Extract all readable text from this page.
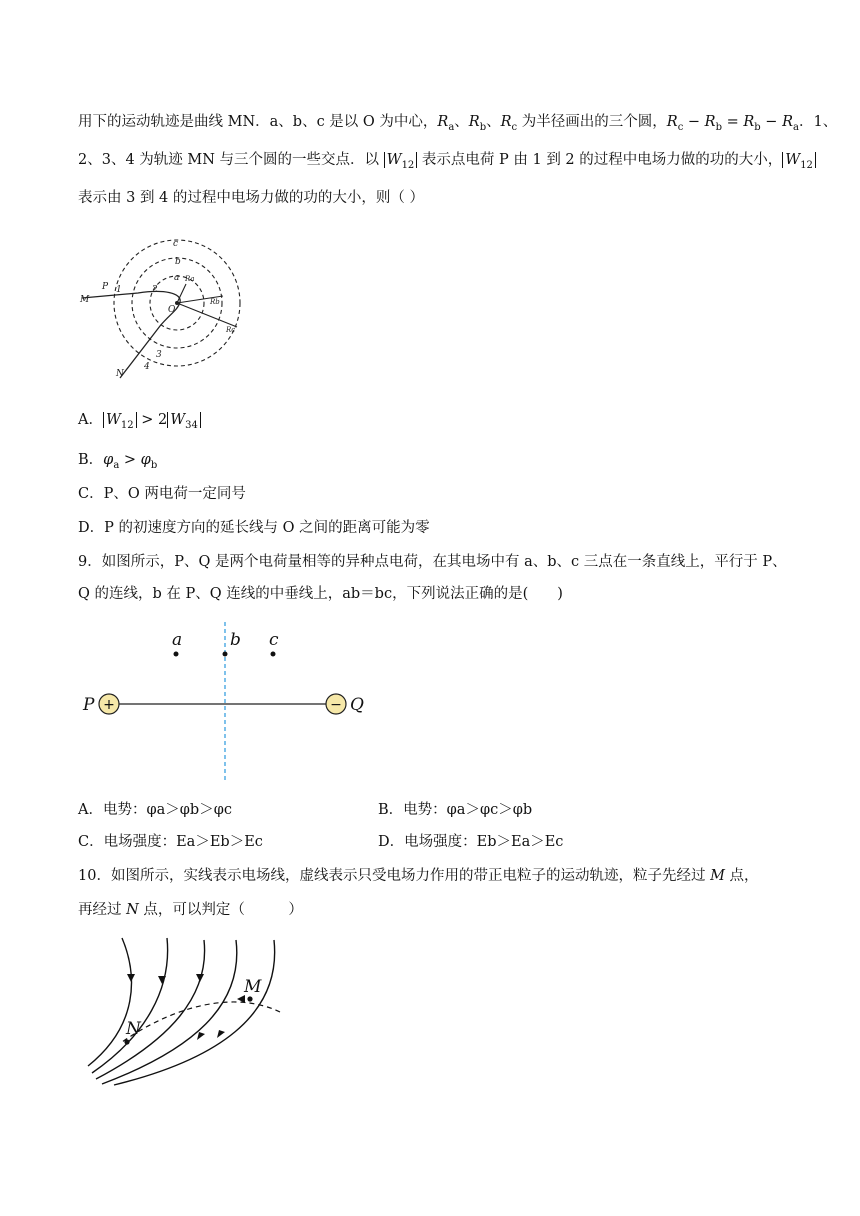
用下的运动轨迹是曲线 MN．a、b、c 是以 O 为中心，$R_a$、$R_b$、$R_c$ 为半径画出的三个圆，$R_c - R_b = R_b - R_a$．1、
2、3、4 为轨迹 MN 与三个圆的一些交点．以 $W_{12}$ 表示点电荷 P 由 1 到 2 的过程中电场力做的功的大小， $W_{12}$
表示由 3 到 4 的过程中电场力做的功的大小，则（ ）
M
N
P
O
c
b
a
1	2
3
4
Ra
Rb
Rc
A． $W_{12} > 2$ $W_{34}$
B．$\varphi_a > \varphi_b$
C．P、O 两电荷一定同号
D．P 的初速度方向的延长线与 O 之间的距离可能为零
9．如图所示，P、Q 是两个电荷量相等的异种点电荷，在其电场中有 a、b、c 三点在一条直线上，平行于 P、
Q 的连线，b 在 P、Q 连线的中垂线上，ab＝bc，下列说法正确的是(　　)
a	b c
P	Q
+	−
A．电势：φa＞φb＞φc	B．电势：φa＞φc＞φb
C．电场强度：Ea＞Eb＞Ec	D．电场强度：Eb＞Ea＞Ec
10．如图所示，实线表示电场线，虚线表示只受电场力作用的带正电粒子的运动轨迹，粒子先经过 M 点，
再经过 N 点，可以判定（　　　）
M
N
